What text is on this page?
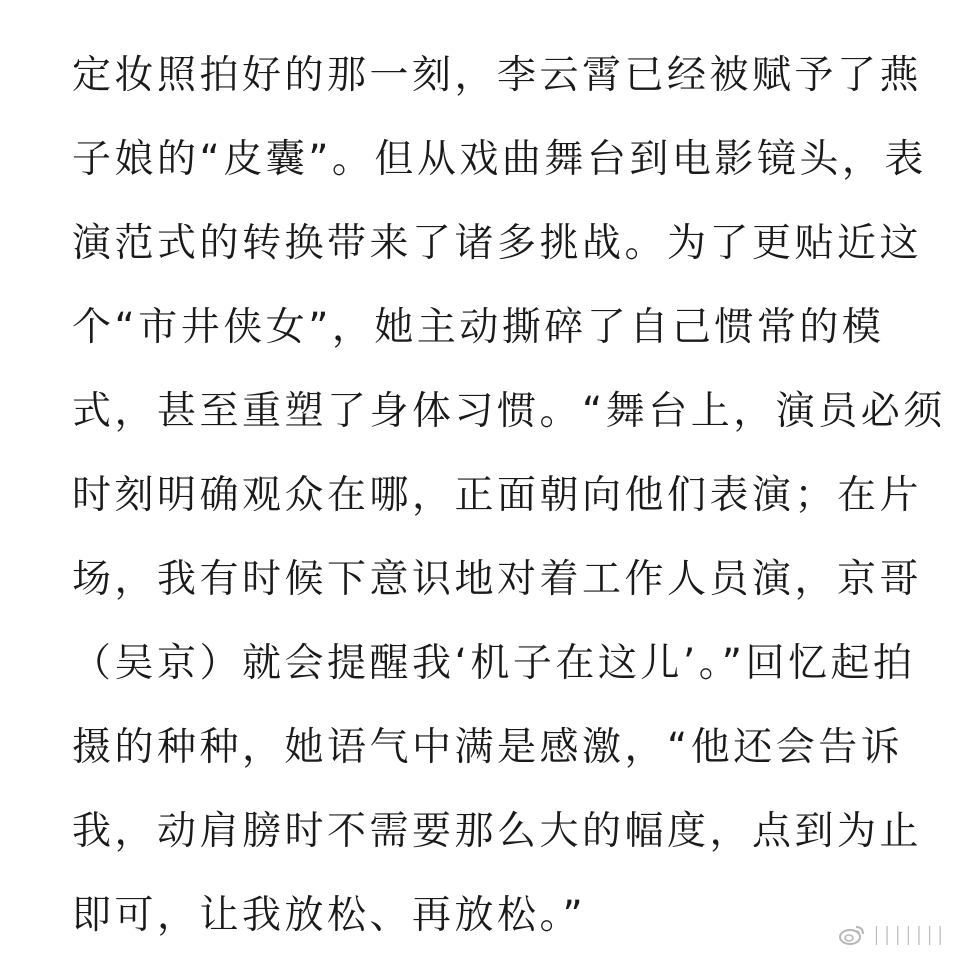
定妆照拍好的那一刻，李云霄已经被赋予了燕
子娘的“皮囊”。但从戏曲舞台到电影镜头，表
演范式的转换带来了诸多挑战。为了更贴近这
个“市井侠女”，她主动撕碎了自己惯常的模
式，甚至重塑了身体习惯。“舞台上，演员必须
时刻明确观众在哪，正面朝向他们表演；在片
场，我有时候下意识地对着工作人员演，京哥
（吴京）就会提醒我‘机子在这儿’。”回忆起拍
摄的种种，她语气中满是感激，“他还会告诉
我，动肩膀时不需要那么大的幅度，点到为止
即可，让我放松、再放松。”	│││││││
